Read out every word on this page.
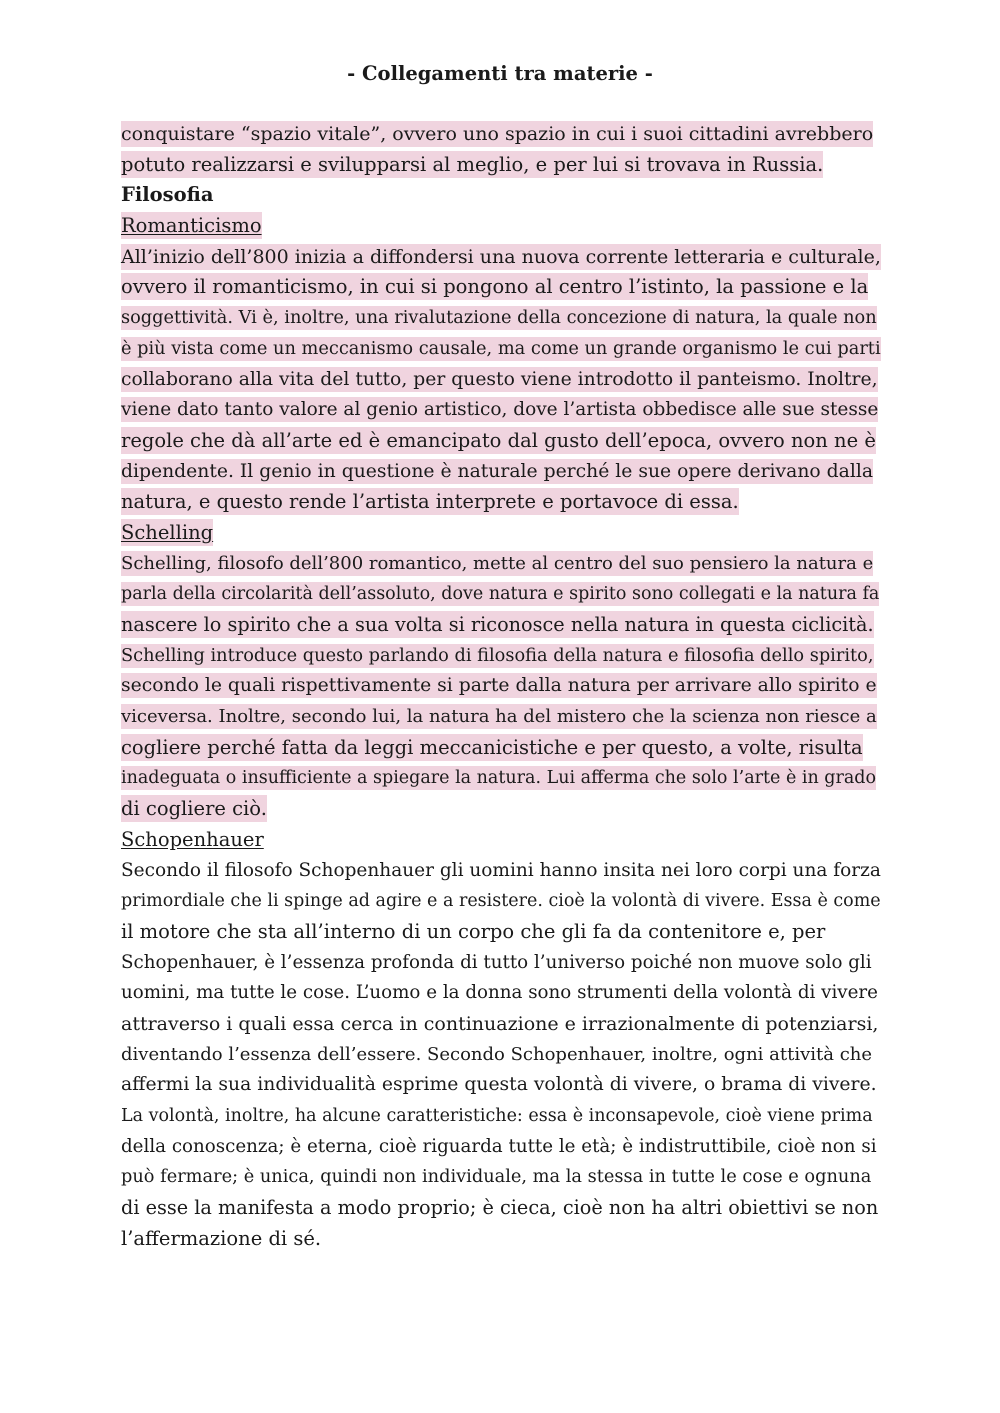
- Collegamenti tra materie -
conquistare “spazio vitale”, ovvero uno spazio in cui i suoi cittadini avrebbero
potuto realizzarsi e svilupparsi al meglio, e per lui si trovava in Russia.
Filosofia
Romanticismo
All’inizio dell’800 inizia a diffondersi una nuova corrente letteraria e culturale,
ovvero il romanticismo, in cui si pongono al centro l’istinto, la passione e la
soggettività. Vi è, inoltre, una rivalutazione della concezione di natura, la quale non
è più vista come un meccanismo causale, ma come un grande organismo le cui parti
collaborano alla vita del tutto, per questo viene introdotto il panteismo. Inoltre,
viene dato tanto valore al genio artistico, dove l’artista obbedisce alle sue stesse
regole che dà all’arte ed è emancipato dal gusto dell’epoca, ovvero non ne è
dipendente. Il genio in questione è naturale perché le sue opere derivano dalla
natura, e questo rende l’artista interprete e portavoce di essa.
Schelling
Schelling, filosofo dell’800 romantico, mette al centro del suo pensiero la natura e
parla della circolarità dell’assoluto, dove natura e spirito sono collegati e la natura fa
nascere lo spirito che a sua volta si riconosce nella natura in questa ciclicità.
Schelling introduce questo parlando di filosofia della natura e filosofia dello spirito,
secondo le quali rispettivamente si parte dalla natura per arrivare allo spirito e
viceversa. Inoltre, secondo lui, la natura ha del mistero che la scienza non riesce a
cogliere perché fatta da leggi meccanicistiche e per questo, a volte, risulta
inadeguata o insufficiente a spiegare la natura. Lui afferma che solo l’arte è in grado
di cogliere ciò.
Schopenhauer
Secondo il filosofo Schopenhauer gli uomini hanno insita nei loro corpi una forza
primordiale che li spinge ad agire e a resistere. cioè la volontà di vivere. Essa è come
il motore che sta all’interno di un corpo che gli fa da contenitore e, per
Schopenhauer, è l’essenza profonda di tutto l’universo poiché non muove solo gli
uomini, ma tutte le cose. L’uomo e la donna sono strumenti della volontà di vivere
attraverso i quali essa cerca in continuazione e irrazionalmente di potenziarsi,
diventando l’essenza dell’essere. Secondo Schopenhauer, inoltre, ogni attività che
affermi la sua individualità esprime questa volontà di vivere, o brama di vivere.
La volontà, inoltre, ha alcune caratteristiche: essa è inconsapevole, cioè viene prima
della conoscenza; è eterna, cioè riguarda tutte le età; è indistruttibile, cioè non si
può fermare; è unica, quindi non individuale, ma la stessa in tutte le cose e ognuna
di esse la manifesta a modo proprio; è cieca, cioè non ha altri obiettivi se non
l’affermazione di sé.
